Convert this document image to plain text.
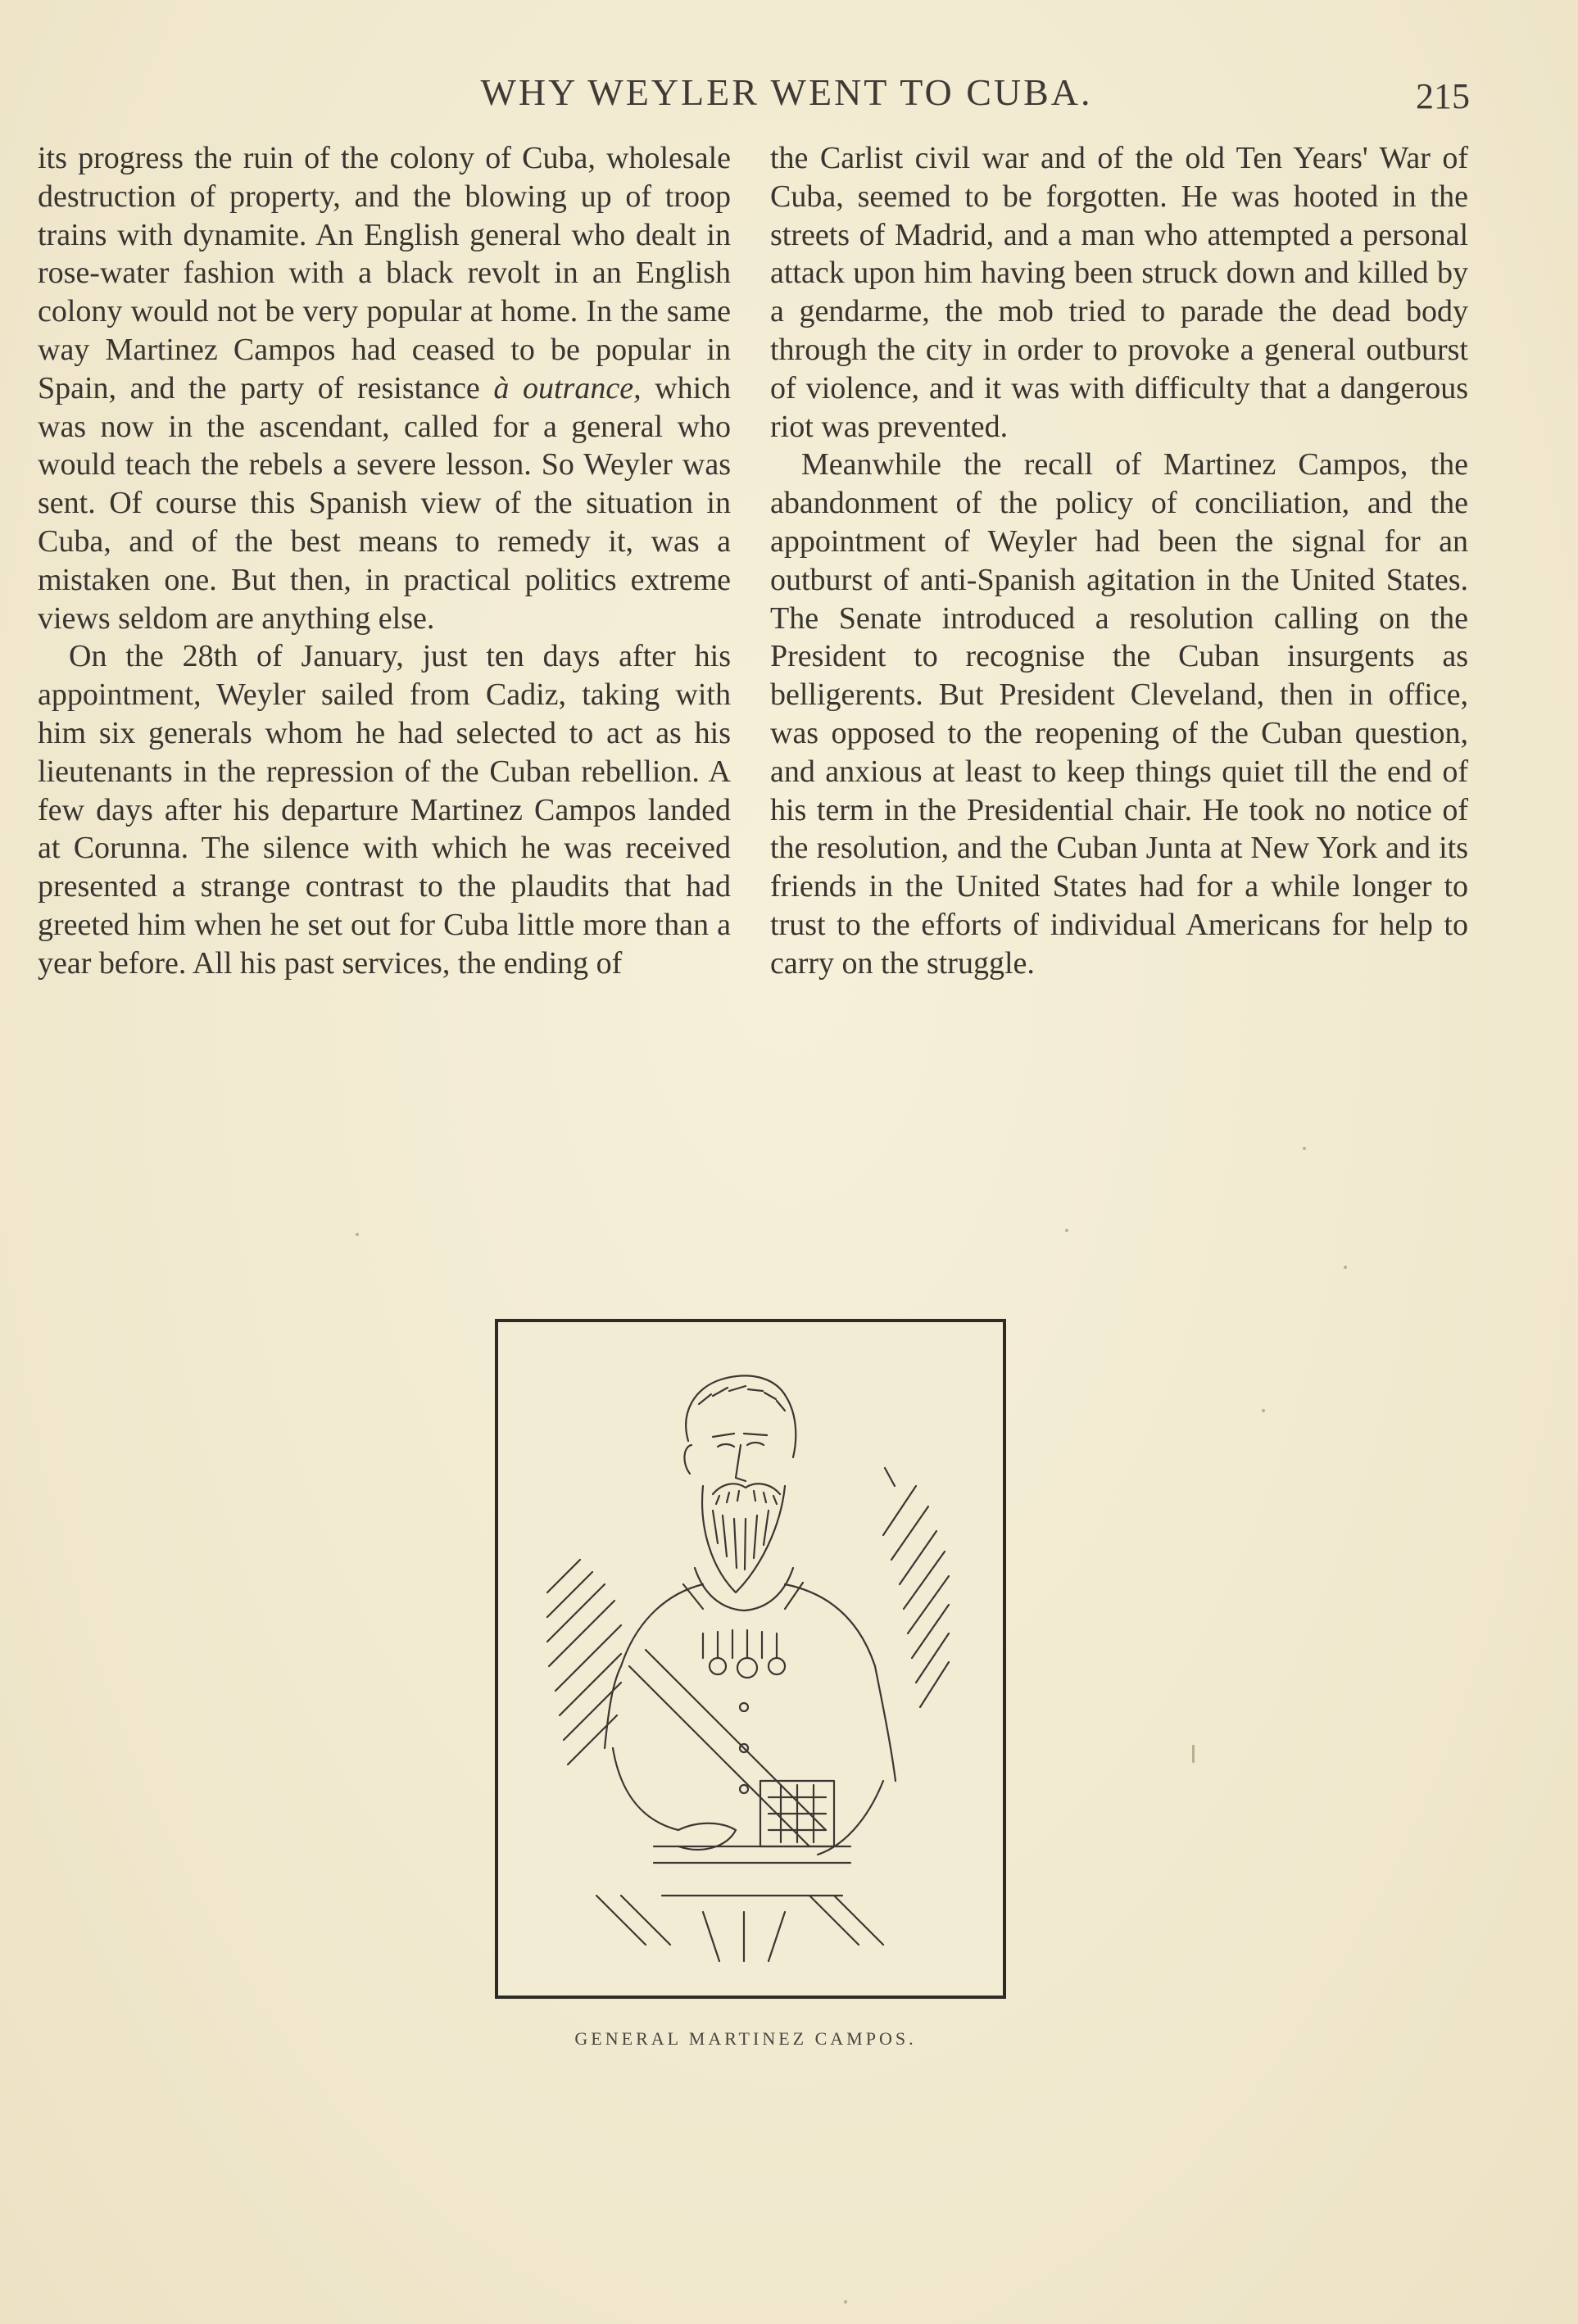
WHY WEYLER WENT TO CUBA.	215

its progress the ruin of the colony of Cuba, wholesale destruction of property, and the blowing up of troop trains with dynamite. An English general who dealt in rose-water fashion with a black revolt in an English colony would not be very popular at home. In the same way Martinez Campos had ceased to be popular in Spain, and the party of resistance à outrance, which was now in the ascendant, called for a general who would teach the rebels a severe lesson. So Weyler was sent. Of course this Spanish view of the situation in Cuba, and of the best means to remedy it, was a mistaken one. But then, in practical politics extreme views seldom are anything else.

On the 28th of January, just ten days after his appointment, Weyler sailed from Cadiz, taking with him six generals whom he had selected to act as his lieutenants in the repression of the Cuban rebellion. A few days after his departure Martinez Campos landed at Corunna. The silence with which he was received presented a strange contrast to the plaudits that had greeted him when he set out for Cuba little more than a year before. All his past services, the ending of

the Carlist civil war and of the old Ten Years' War of Cuba, seemed to be forgotten. He was hooted in the streets of Madrid, and a man who attempted a personal attack upon him having been struck down and killed by a gendarme, the mob tried to parade the dead body through the city in order to provoke a general outburst of violence, and it was with difficulty that a dangerous riot was prevented.

Meanwhile the recall of Martinez Campos, the abandonment of the policy of conciliation, and the appointment of Weyler had been the signal for an outburst of anti-Spanish agitation in the United States. The Senate introduced a resolution calling on the President to recognise the Cuban insurgents as belligerents. But President Cleveland, then in office, was opposed to the reopening of the Cuban question, and anxious at least to keep things quiet till the end of his term in the Presidential chair. He took no notice of the resolution, and the Cuban Junta at New York and its friends in the United States had for a while longer to trust to the efforts of individual Americans for help to carry on the struggle.

GENERAL MARTINEZ CAMPOS.
